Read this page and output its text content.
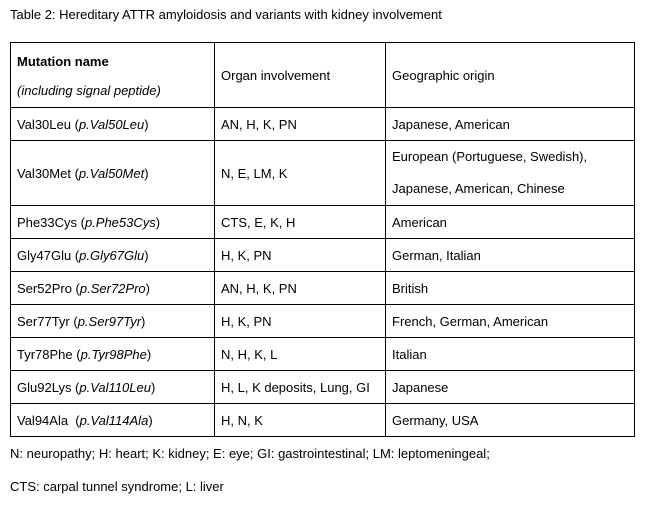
Table 2: Hereditary ATTR amyloidosis and variants with kidney involvement
Mutation name
(including signal peptide)	Organ involvement	Geographic origin
Val30Leu (p.Val50Leu)	AN, H, K, PN	Japanese, American
Val30Met (p.Val50Met)	N, E, LM, K	European (Portuguese, Swedish),
Japanese, American, Chinese

Phe33Cys (p.Phe53Cys)	CTS, E, K, H	American
Gly47Glu (p.Gly67Glu)	H, K, PN	German, Italian
Ser52Pro (p.Ser72Pro)	AN, H, K, PN	British
Ser77Tyr (p.Ser97Tyr)	H, K, PN	French, German, American
Tyr78Phe (p.Tyr98Phe)	N, H, K, L	Italian
Glu92Lys (p.Val110Leu)	H, L, K deposits, Lung, GI	Japanese
Val94Ala  (p.Val114Ala)	H, N, K	Germany, USA
N: neuropathy; H: heart; K: kidney; E: eye; GI: gastrointestinal; LM: leptomeningeal;
CTS: carpal tunnel syndrome; L: liver
